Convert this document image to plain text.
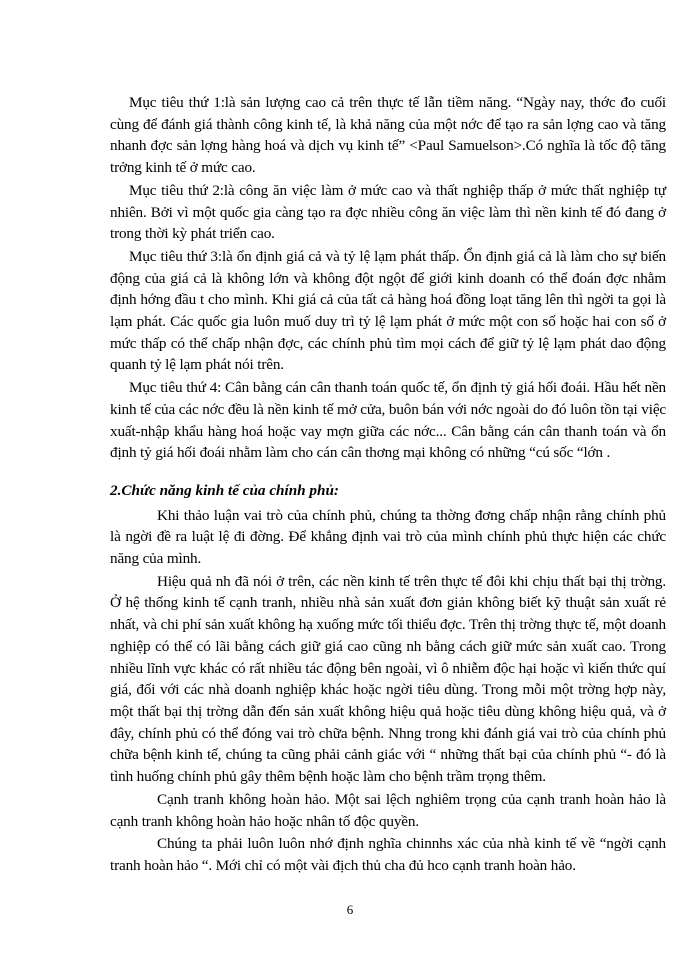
Mục tiêu thứ 1:là sản lượng cao cả trên thực tế lẫn tiềm năng. “Ngày nay, thớc đo cuối cùng để đánh giá thành công kinh tế, là khả năng của một nớc để tạo ra sản lợng cao và tăng nhanh đợc sản lợng hàng hoá và dịch vụ kinh tế” <Paul Samuelson>.Có nghĩa là tốc độ tăng trởng kinh tế ở mức cao.

Mục tiêu thứ 2:là công ăn việc làm ở mức cao và thất nghiệp thấp ở mức thất nghiệp tự nhiên. Bởi vì một quốc gia càng tạo ra đợc nhiều công ăn việc làm thì nền kinh tế đó đang ở trong thời kỳ phát triển cao.

Mục tiêu thứ 3:là ổn định giá cả và tỷ lệ lạm phát thấp. Ổn định giá cả là làm cho sự biến động của giá cả là không lớn và không đột ngột để giới kinh doanh có thể đoán đợc nhằm định hớng đầu t cho mình. Khi giá cả của tất cả hàng hoá đồng loạt tăng lên thì ngời ta gọi là lạm phát. Các quốc gia luôn muố duy trì tỷ lệ lạm phát ở mức một con số hoặc hai con số ở mức thấp có thể chấp nhận đợc, các chính phủ tìm mọi cách để giữ tỷ lệ lạm phát dao động quanh tỷ lệ lạm phát nói trên.

Mục tiêu thứ 4: Cân bằng cán cân thanh toán quốc tế, ổn định tỷ giá hối đoái. Hầu hết nền kinh tế của các nớc đều là nền kinh tế mở cửa, buôn bán với nớc ngoài do đó luôn tồn tại việc xuất-nhập khẩu hàng hoá hoặc vay mợn giữa các nớc... Cân bằng cán cân thanh toán và ổn định tỷ giá hối đoái nhằm làm cho cán cân thơng mại không có những “cú sốc “lớn .

2.Chức năng kinh tế của chính phủ:

Khi thảo luận vai trò của chính phủ, chúng ta thờng đơng chấp nhận rằng chính phủ là ngời đề ra luật lệ đi đờng. Để khẳng định vai trò của mình chính phủ thực hiện các chức năng của mình.

Hiệu quả nh đã nói ở trên, các nền kinh tế trên thực tế đôi khi chịu thất bại thị trờng. Ở hệ thống kinh tế cạnh tranh, nhiều nhà sản xuất đơn giản không biết kỹ thuật sản xuất rẻ nhất, và chi phí sản xuất không hạ xuống mức tối thiểu đợc. Trên thị trờng thực tế, một doanh nghiệp có thể có lãi bằng cách giữ giá cao cũng nh bằng cách giữ mức sản xuất cao. Trong nhiều lĩnh vực khác có rất nhiều tác động bên ngoài, vì ô nhiễm độc hại hoặc vì kiến thức quí giá, đối với các nhà doanh nghiệp khác hoặc ngời tiêu dùng. Trong mỗi một trờng hợp này, một thất bại thị trờng dẫn đến sản xuất không hiệu quả hoặc tiêu dùng không hiệu quả, và ở đây, chính phủ có thể đóng vai trò chữa bệnh. Nhng trong khi đánh giá vai trò của chính phủ chữa bệnh kinh tế, chúng ta cũng phải cảnh giác với “ những thất bại của chính phủ “- đó là tình huống chính phủ gây thêm bệnh hoặc làm cho bệnh trầm trọng thêm.

Cạnh tranh không hoàn hảo. Một sai lệch nghiêm trọng của cạnh tranh hoàn hảo là cạnh tranh không hoàn hảo hoặc nhân tố độc quyền.

Chúng ta phải luôn luôn nhớ định nghĩa chinnhs xác của nhà kinh tế về “ngời cạnh tranh hoàn hảo “. Mới chỉ có một vài địch thủ cha đủ hco cạnh tranh hoàn hảo.

6
